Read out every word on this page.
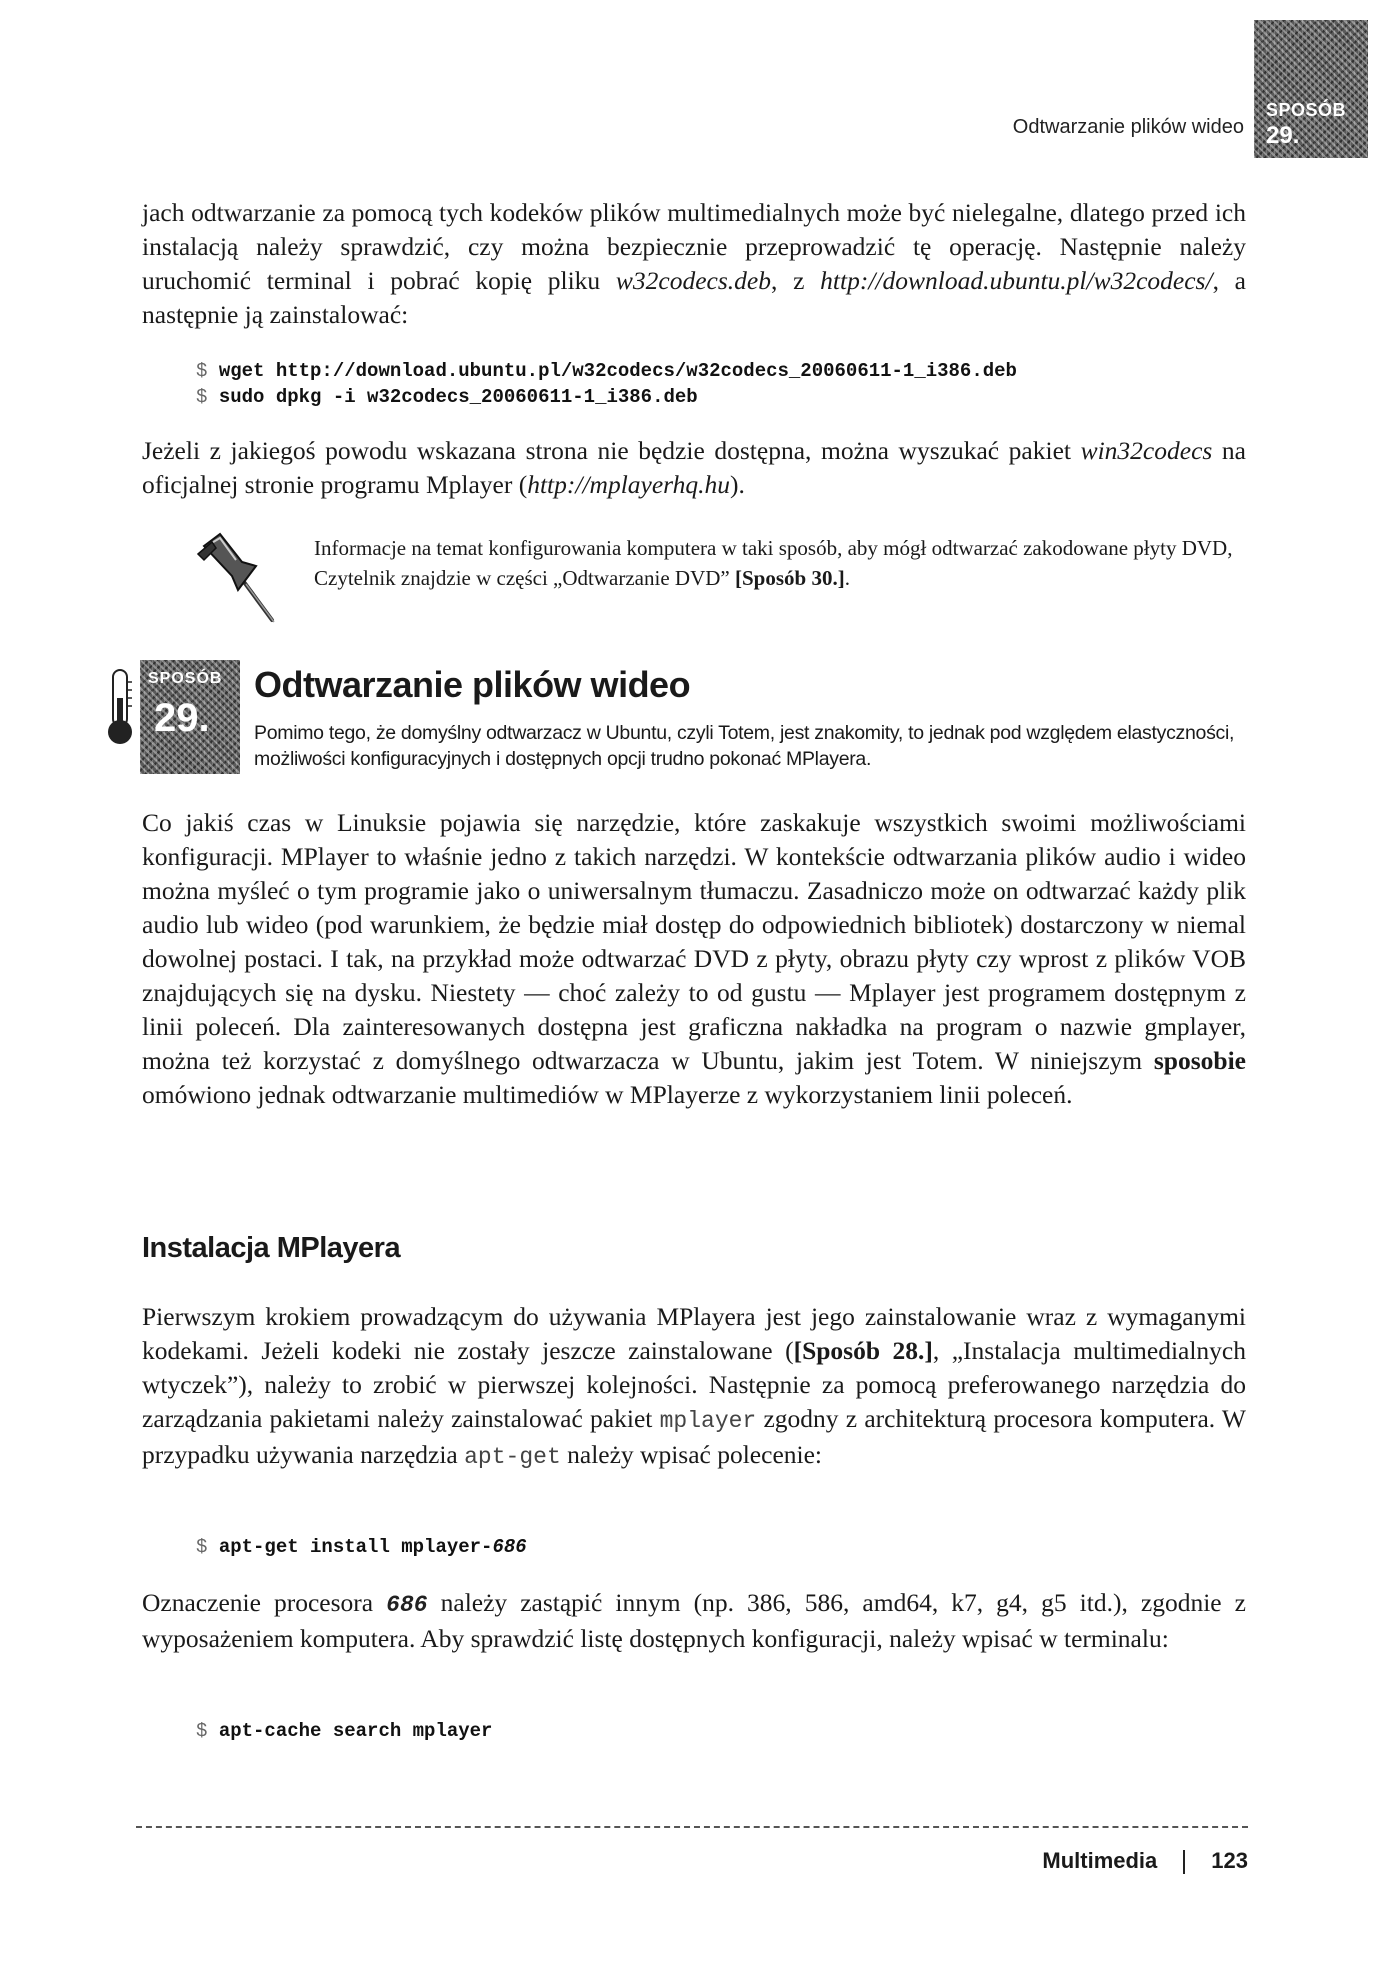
Odtwarzanie plików wideo
SPOSÓB
29.

jach odtwarzanie za pomocą tych kodeków plików multimedialnych może być nielegalne, dlatego przed ich instalacją należy sprawdzić, czy można bezpiecznie przeprowadzić tę operację. Następnie należy uruchomić terminal i pobrać kopię pliku w32codecs.deb, z http://download.ubuntu.pl/w32codecs/, a następnie ją zainstalować:

$ wget http://download.ubuntu.pl/w32codecs/w32codecs_20060611-1_i386.deb
$ sudo dpkg -i w32codecs_20060611-1_i386.deb

Jeżeli z jakiegoś powodu wskazana strona nie będzie dostępna, można wyszukać pakiet win32codecs na oficjalnej stronie programu Mplayer (http://mplayerhq.hu).

Informacje na temat konfigurowania komputera w taki sposób, aby mógł odtwarzać zakodowane płyty DVD, Czytelnik znajdzie w części „Odtwarzanie DVD” [Sposób 30.].

SPOSÓB
29.
Odtwarzanie plików wideo

Pomimo tego, że domyślny odtwarzacz w Ubuntu, czyli Totem, jest znakomity, to jednak pod względem elastyczności, możliwości konfiguracyjnych i dostępnych opcji trudno pokonać MPlayera.

Co jakiś czas w Linuksie pojawia się narzędzie, które zaskakuje wszystkich swoimi możliwościami konfiguracji. MPlayer to właśnie jedno z takich narzędzi. W kontekście odtwarzania plików audio i wideo można myśleć o tym programie jako o uniwersalnym tłumaczu. Zasadniczo może on odtwarzać każdy plik audio lub wideo (pod warunkiem, że będzie miał dostęp do odpowiednich bibliotek) dostarczony w niemal dowolnej postaci. I tak, na przykład może odtwarzać DVD z płyty, obrazu płyty czy wprost z plików VOB znajdujących się na dysku. Niestety — choć zależy to od gustu — Mplayer jest programem dostępnym z linii poleceń. Dla zainteresowanych dostępna jest graficzna nakładka na program o nazwie gmplayer, można też korzystać z domyślnego odtwarzacza w Ubuntu, jakim jest Totem. W niniejszym sposobie omówiono jednak odtwarzanie multimediów w MPlayerze z wykorzystaniem linii poleceń.

Instalacja MPlayera

Pierwszym krokiem prowadzącym do używania MPlayera jest jego zainstalowanie wraz z wymaganymi kodekami. Jeżeli kodeki nie zostały jeszcze zainstalowane ([Sposób 28.], „Instalacja multimedialnych wtyczek”), należy to zrobić w pierwszej kolejności. Następnie za pomocą preferowanego narzędzia do zarządzania pakietami należy zainstalować pakiet mplayer zgodny z architekturą procesora komputera. W przypadku używania narzędzia apt-get należy wpisać polecenie:

$ apt-get install mplayer-686

Oznaczenie procesora 686 należy zastąpić innym (np. 386, 586, amd64, k7, g4, g5 itd.), zgodnie z wyposażeniem komputera. Aby sprawdzić listę dostępnych konfiguracji, należy wpisać w terminalu:

$ apt-cache search mplayer
Multimedia 123
